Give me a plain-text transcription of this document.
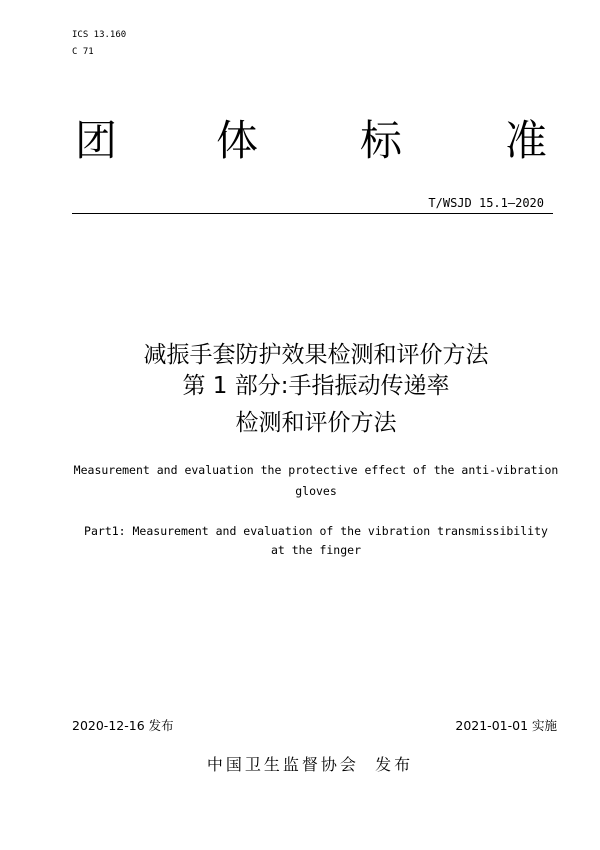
ICS 13.160
C 71
团 体 标 准
T/WSJD 15.1—2020
减振手套防护效果检测和评价方法
第 1 部分:手指振动传递率
检测和评价方法
Measurement and evaluation the protective effect of the anti-vibration
gloves
Part1: Measurement and evaluation of the vibration transmissibility
at the finger
2020-12-16 发布	2021-01-01 实施
中国卫生监督协会  发布
